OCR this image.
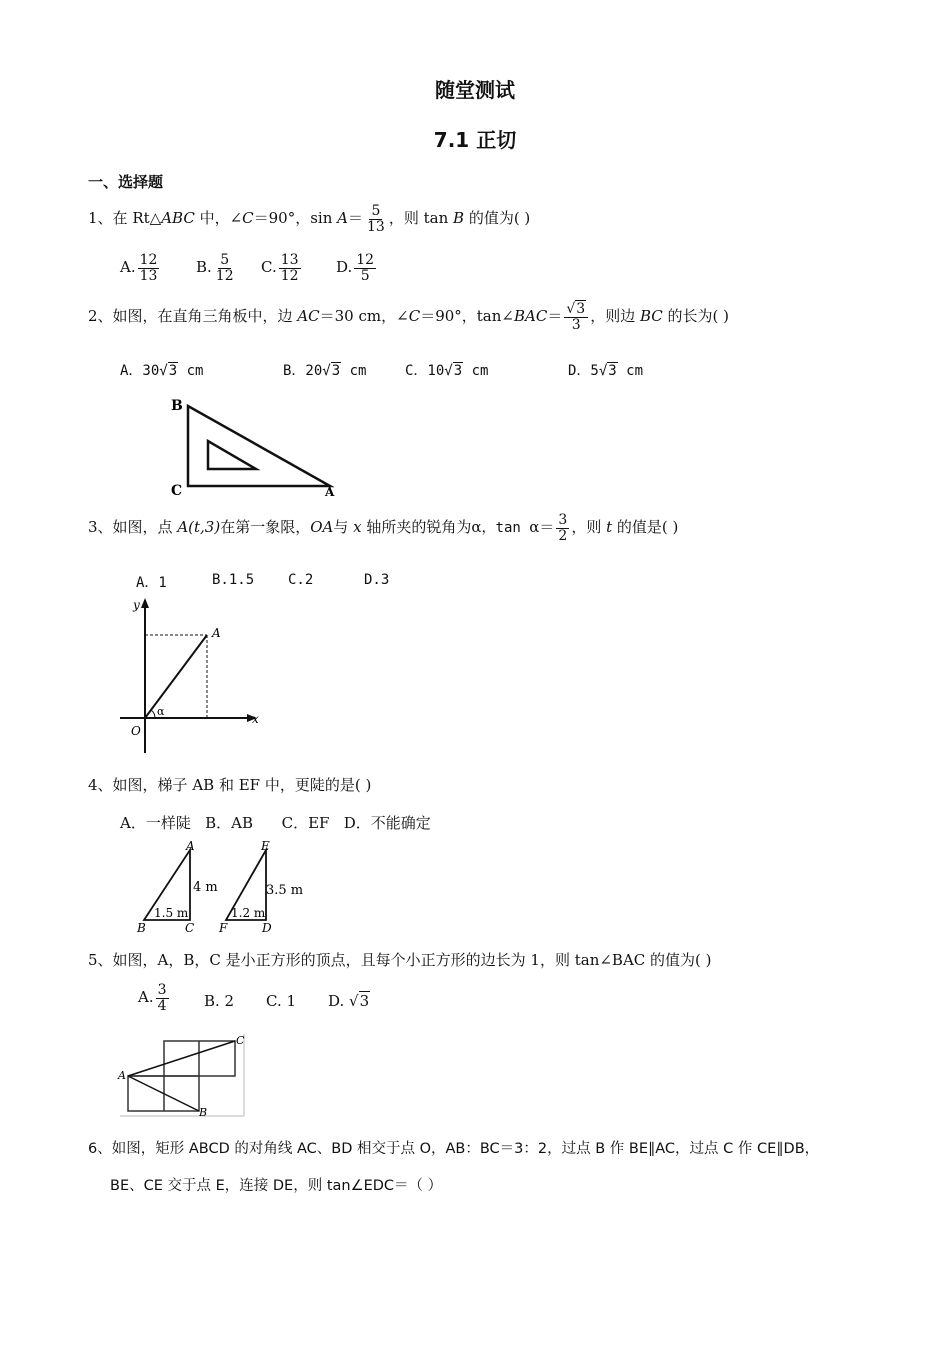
随堂测试
7.1 正切
一、选择题
1、在 Rt△ABC 中，∠C＝90°，$\sin A= \frac{5}{13}$ ，则 tan B 的值为( )
A. $\frac{12}{13} B$. $\frac{5}{12} C$. $\frac{13}{12} D$. $\frac{12}{5}$
2、如图，在直角三角板中，边 AC＝30 cm，∠C＝90°，tan∠BAC＝ $\frac{√3}{3}$ ，则边 BC 的长为( )
A．30√3 cm	B．20√3 cm	C．10√3 cm	D．5√3 cm
B
C	A
3、如图，点 A(t,3)在第一象限，OA与 x 轴所夹的锐角为α，$\tan \alpha= \frac{3}{2}$ ，则 t 的值是( )
A．1	B.1.5 C.2	D.3
y
x
O
A
α
4、如图，梯子 AB 和 EF 中，更陡的是( )
A．一样陡   B．AB      C．EF   D．不能确定
A
B	C
4 m
1.5 m
E
F	D
3.5 m
1.2 m
5、如图，A，B，C 是小正方形的顶点，且每个小正方形的边长为 1，则 tan∠BAC 的值为( )
A. $\frac{3}{4} B$. 2 C. 1 D. √3
A
B
C
6、如图，矩形 ABCD 的对角线 AC、BD 相交于点 O，AB：BC＝3：2，过点 B 作 BE∥AC，过点 C 作 CE∥DB，
BE、CE 交于点 E，连接 DE，则 tan∠EDC＝（ ）
